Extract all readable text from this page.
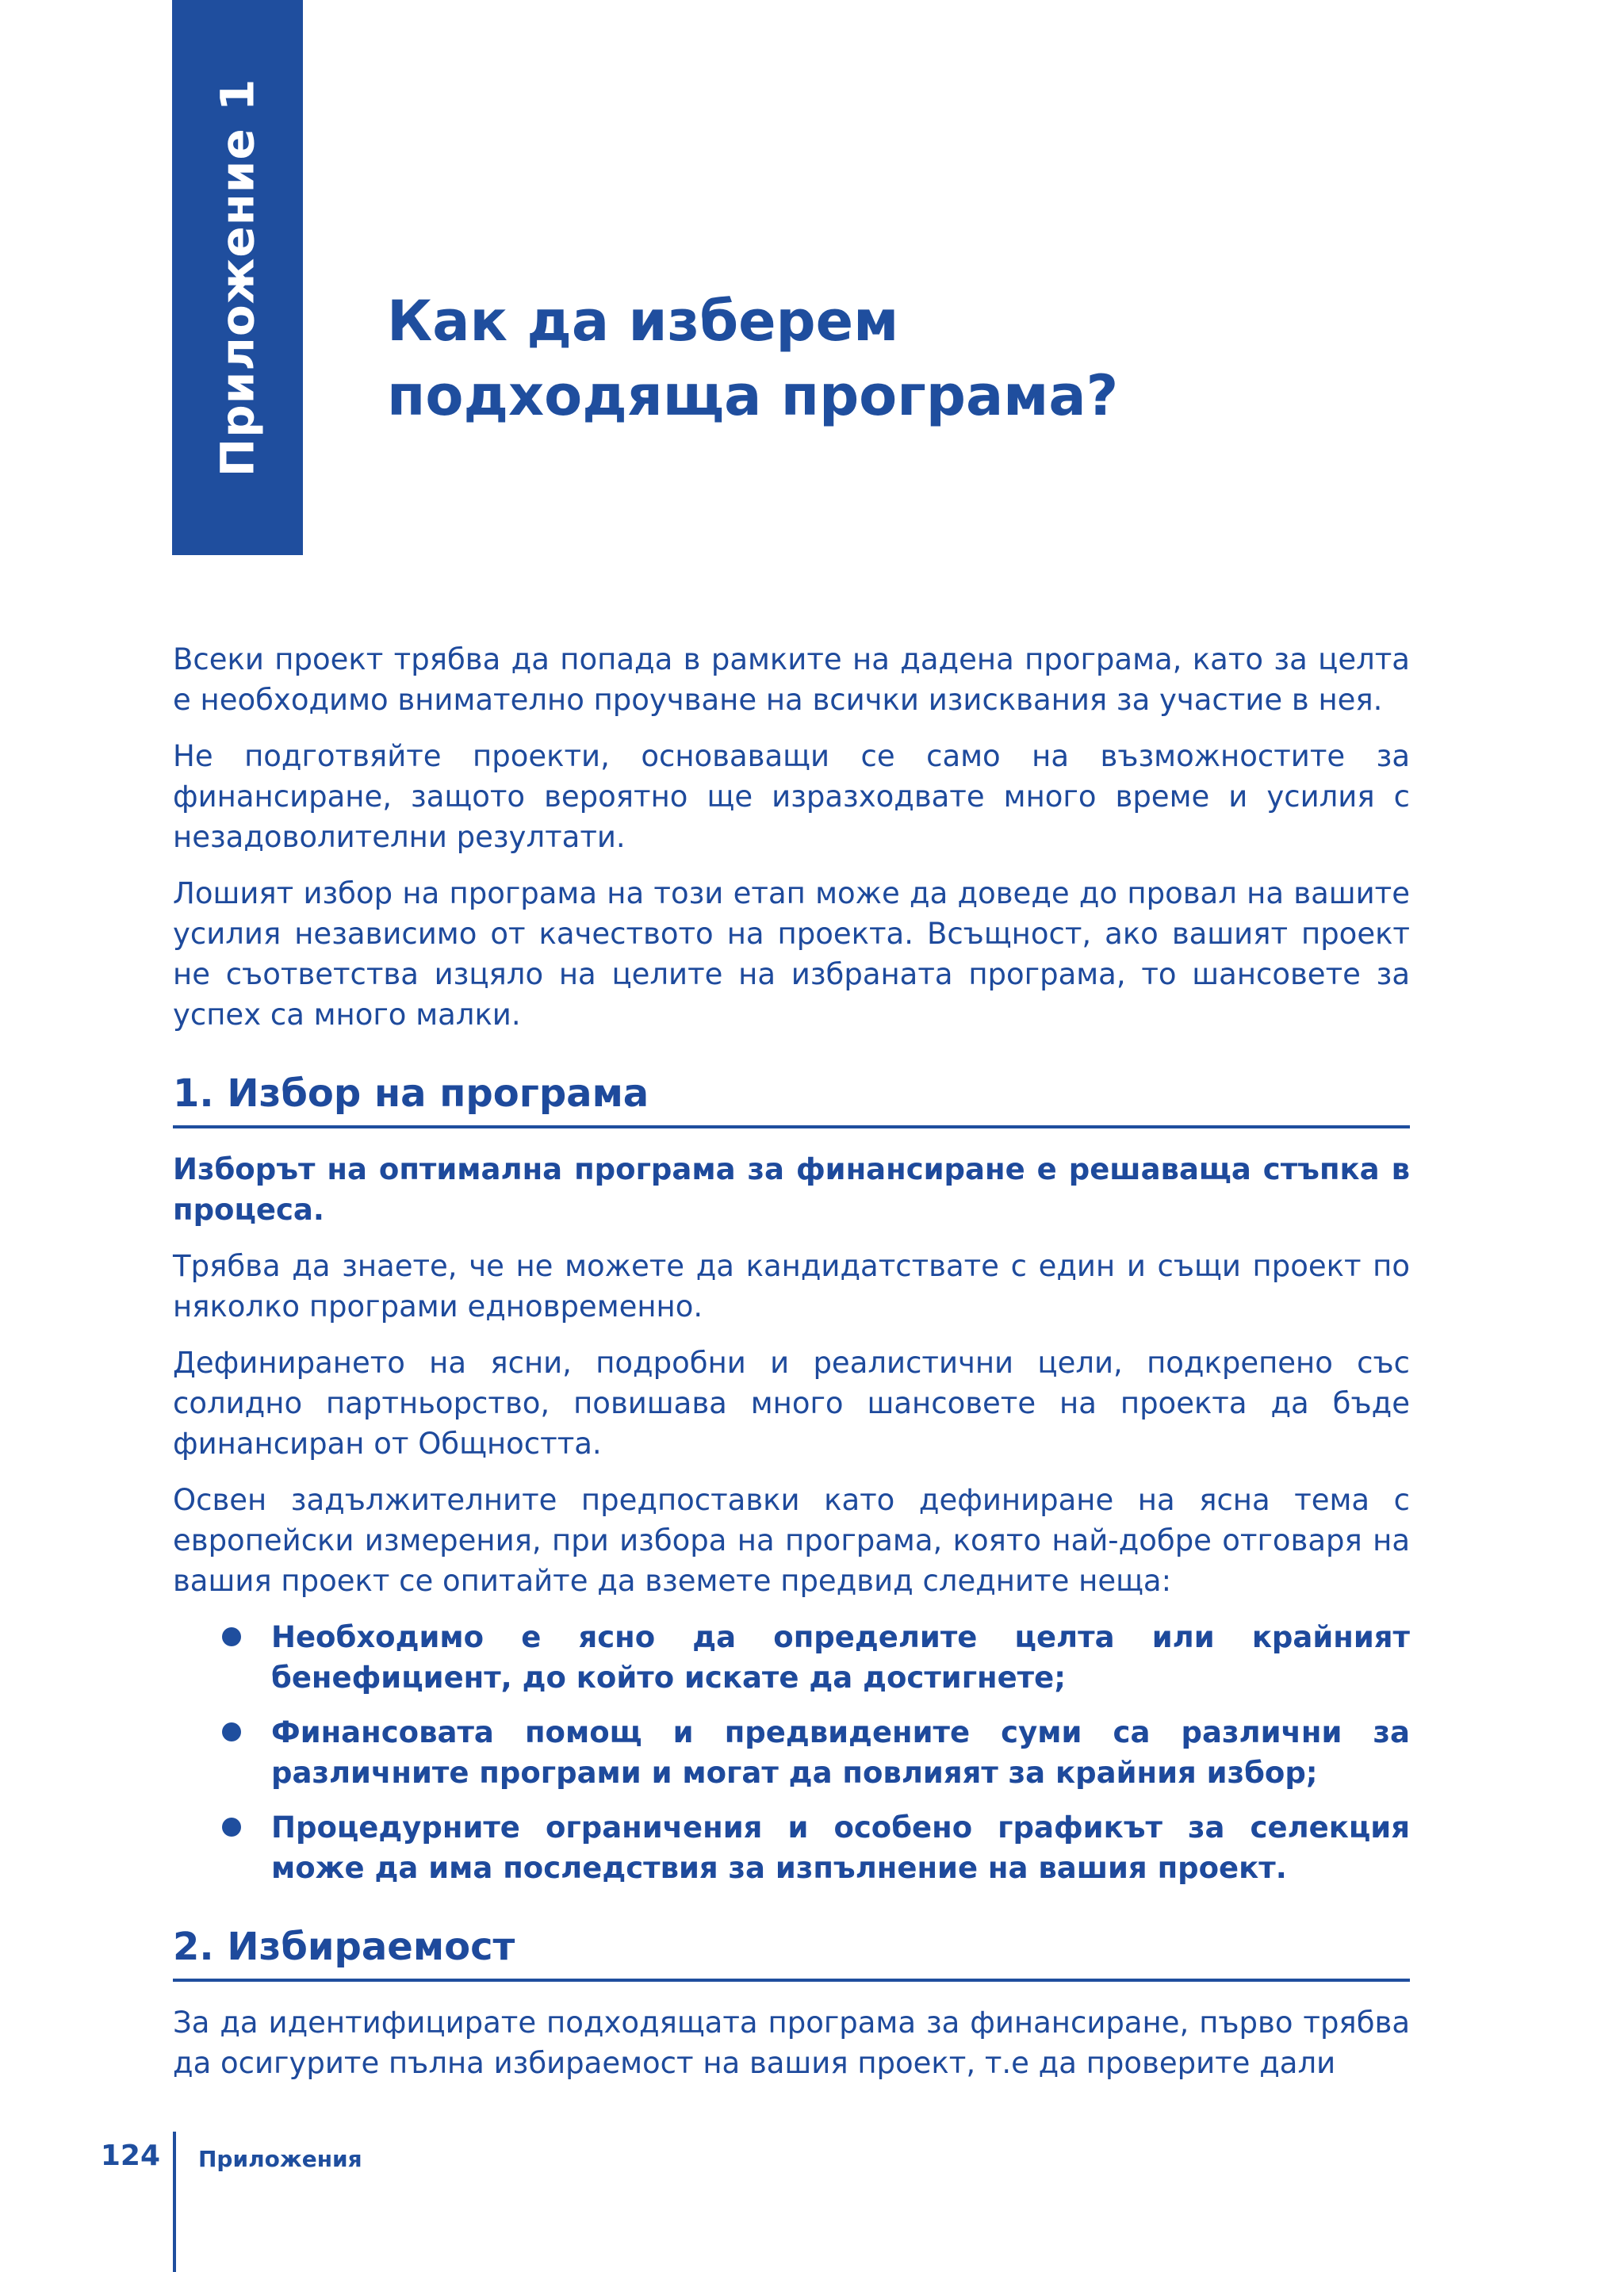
Приложение 1 Как да изберем
подходяща програма?

Всеки проект трябва да попада в рамките на дадена програма, като за целта е необходимо внимателно проучване на всички изисквания за участие в нея.

Не подготвяйте проекти, основаващи се само на възможностите за финансиране, защото вероятно ще изразходвате много време и усилия с незадоволителни резултати.

Лошият избор на програма на този етап може да доведе до провал на вашите усилия независимо от качеството на проекта. Всъщност, ако вашият проект не съответства изцяло на целите на избраната програма, то шансовете за успех са много малки.

1. Избор на програма

Изборът на оптимална програма за финансиране е решаваща стъпка в процеса.

Трябва да знаете, че не можете да кандидатствате с един и същи проект по няколко програми едновременно.

Дефинирането на ясни, подробни и реалистични цели, подкрепено със солидно партньорство, повишава много шансовете на проекта да бъде финансиран от Общността.

Освен задължителните предпоставки като дефиниране на ясна тема с европейски измерения, при избора на програма, която най-добре отговаря на вашия проект се опитайте да вземете предвид следните неща:

Необходимо е ясно да определите целта или крайният бенефициент, до който искате да достигнете;
Финансовата помощ и предвидените суми са различни за различните програми и могат да повлияят за крайния избор;
Процедурните ограничения и особено графикът за селекция може да има последствия за изпълнение на вашия проект.
2. Избираемост

За да идентифицирате подходящата програма за финансиране, първо трябва да осигурите пълна избираемост на вашия проект, т.е да проверите дали

124 Приложения
